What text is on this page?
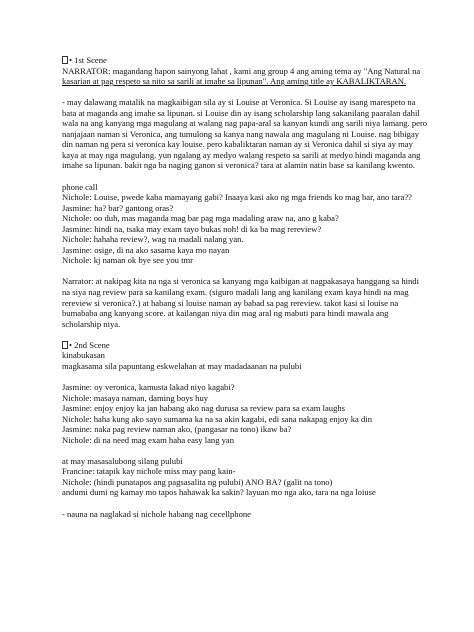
• 1st Scene
NARRATOR: magandang hapon sainyong lahat , kami ang group 4 ang aming tema ay "Ang Natural na
kasarian at pag respeto sa nito sa sarili at imahe sa lipunan". Ang aming title ay KABALIKTARAN.
- may dalawang matalik na magkaibigan sila ay si Louise at Veronica. Si Louise ay isang marespeto na
bata at maganda ang imahe sa lipunan. si Louise din ay isang scholarship lang sakanilang paaralan dahil
wala na ang kanyang mga magulang at walang nag papa-aral sa kanyan kundi ang sarili niya lamang. pero
nanjajaan naman si Veronica, ang tumulong sa kanya nang nawala ang magulang ni Louise. nag bibigay
din naman ng pera si veronica kay louise. pero kabaliktaran naman ay si Veronica dahil si siya ay may
kaya at may nga magulang. yun ngalang ay medyo walang respeto sa sarili at medyo hindi maganda ang
imahe sa lipunan. bakit nga ba naging ganon si veronica? tara at alamin natin base sa kanilang kwento.
phone call
Nichole: Louise, pwede kaba mamayang gabi? Inaaya kasi ako ng mga friends ko mag bar, ano tara??
Jasmine: ha? bar? gantong oras?
Nichole: oo duh, mas maganda mag bar pag mga madaling araw na, ano g kaba?
Jasmine: hindi na, tsaka may exam tayo bukas noh! di ka ba mag rereview?
Nichole: hahaha review?, wag na madali nalang yan.
Jasmine: osige, di na ako sasama kaya mo nayan
Nichole: kj naman ok bye see you tmr
Narrator: at nakipag kita na nga si veronica sa kanyang mga kaibigan at nagpakasaya hanggang sa hindi
na siya nag review para sa kanilang exam. (siguro madali lang ang kanilang exam kaya hindi na mag
rereview si veronica?.) at habang si louise naman ay babad sa pag rereview. takot kasi si louise na
bumababa ang kanyang score. at kailangan niya din mag aral ng mabuti para hindi mawala ang
scholarship niya.
• 2nd Scene
kinabukasan
magkasama sila papuntang eskwelahan at may madadaanan na pulubi
Jasmine: oy veronica, kamusta lakad niyo kagabi?
Nichole: masaya naman, daming boys huy
Jasmine: enjoy enjoy ka jan habang ako nag durusa sa review para sa exam laughs
Nichole: haha kung ako sayo sumama ka na sa akin kagabi, edi sana nakapag enjoy ka din
Jasmine: naka pag review naman ako, (pangasar na tono) ikaw ba?
Nichole: di na need mag exam haha easy lang yan
at may masasalubong silang pulubi
Francine: tatapik kay nichole miss may pang kain-
Nichole: (hindi punatapos ang pagsasalita ng pulubi) ANO BA? (galit na tono)
andumi dumi ng kamay mo tapos hahawak ka sakin? layuan mo nga ako, tara na nga loiuse
- nauna na naglakad si nichole habang nag cecellphone
